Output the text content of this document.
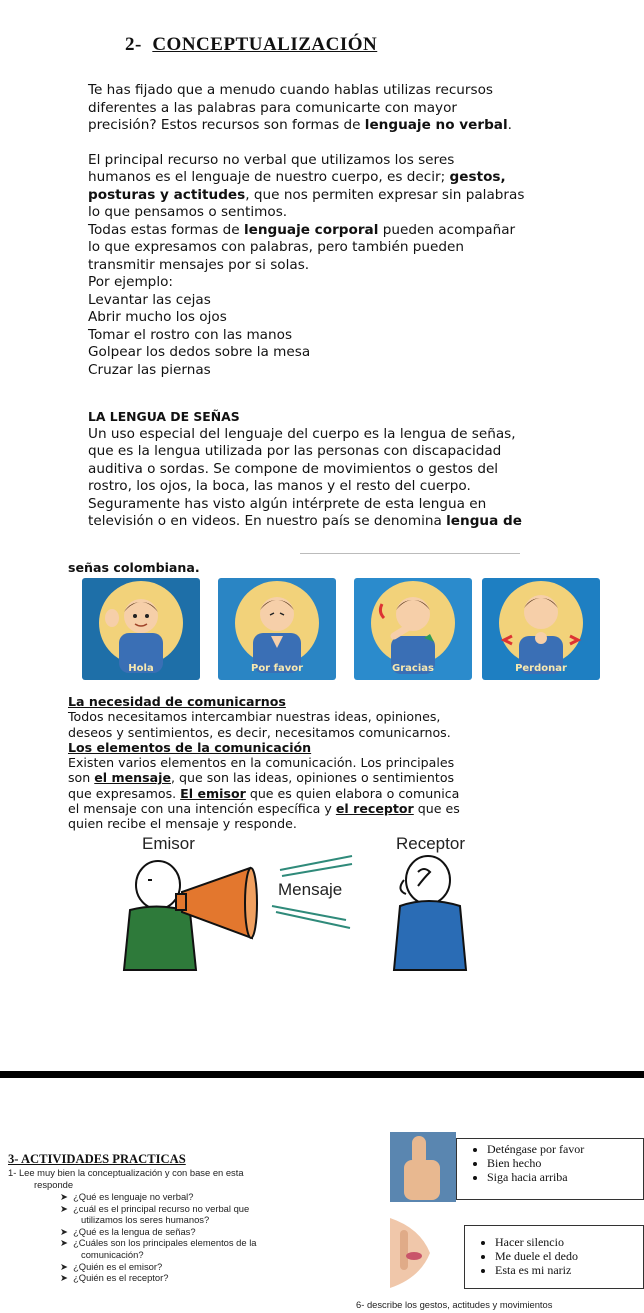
2- CONCEPTUALIZACIÓN

Te has fijado que a menudo cuando hablas utilizas recursos

diferentes a las palabras para comunicarte con mayor

precisión? Estos recursos son formas de lenguaje no verbal.

El principal recurso no verbal que utilizamos los seres

humanos es el lenguaje de nuestro cuerpo, es decir; gestos,

posturas y actitudes, que nos permiten expresar sin palabras

lo que pensamos o sentimos.

Todas estas formas de lenguaje corporal pueden acompañar

lo que expresamos con palabras, pero también pueden

transmitir mensajes por si solas.

Por ejemplo:

Levantar las cejas

Abrir mucho los ojos

Tomar el rostro con las manos

Golpear los dedos sobre la mesa

Cruzar las piernas

LA LENGUA DE SEÑAS

Un uso especial del lenguaje del cuerpo es la lengua de señas,

que es la lengua utilizada por las personas con discapacidad

auditiva o sordas. Se compone de movimientos o gestos del

rostro, los ojos, la boca, las manos y el resto del cuerpo.

Seguramente has visto algún intérprete de esta lengua en

televisión o en videos. En nuestro país se denomina lengua de

señas colombiana.
Hola	Por favor	Gracias	Perdonar

La necesidad de comunicarnos

Todos necesitamos intercambiar nuestras ideas, opiniones,

deseos y sentimientos, es decir, necesitamos comunicarnos.

Los elementos de la comunicación

Existen varios elementos en la comunicación. Los principales

son el mensaje, que son las ideas, opiniones o sentimientos

que expresamos. El emisor que es quien elabora o comunica

el mensaje con una intención específica y el receptor que es

quien recibe el mensaje y responde.

Emisor	Receptor
Mensaje
3- ACTIVIDADES PRACTICAS
1- Lee muy bien la conceptualización y con base en esta
responde
➤  ¿Qué es lenguaje no verbal?
➤  ¿cuál es el principal recurso no verbal que
utilizamos los seres humanos?
➤  ¿Qué es la lengua de señas?
➤  ¿Cuáles son los principales elementos de la
comunicación?
➤  ¿Quién es el emisor?
➤  ¿Quién es el receptor?
• Deténgase por favor
• Bien hecho
• Siga hacia arriba
• Hacer silencio
• Me duele el dedo
• Esta es mi nariz
6- describe los gestos, actitudes y movimientos
